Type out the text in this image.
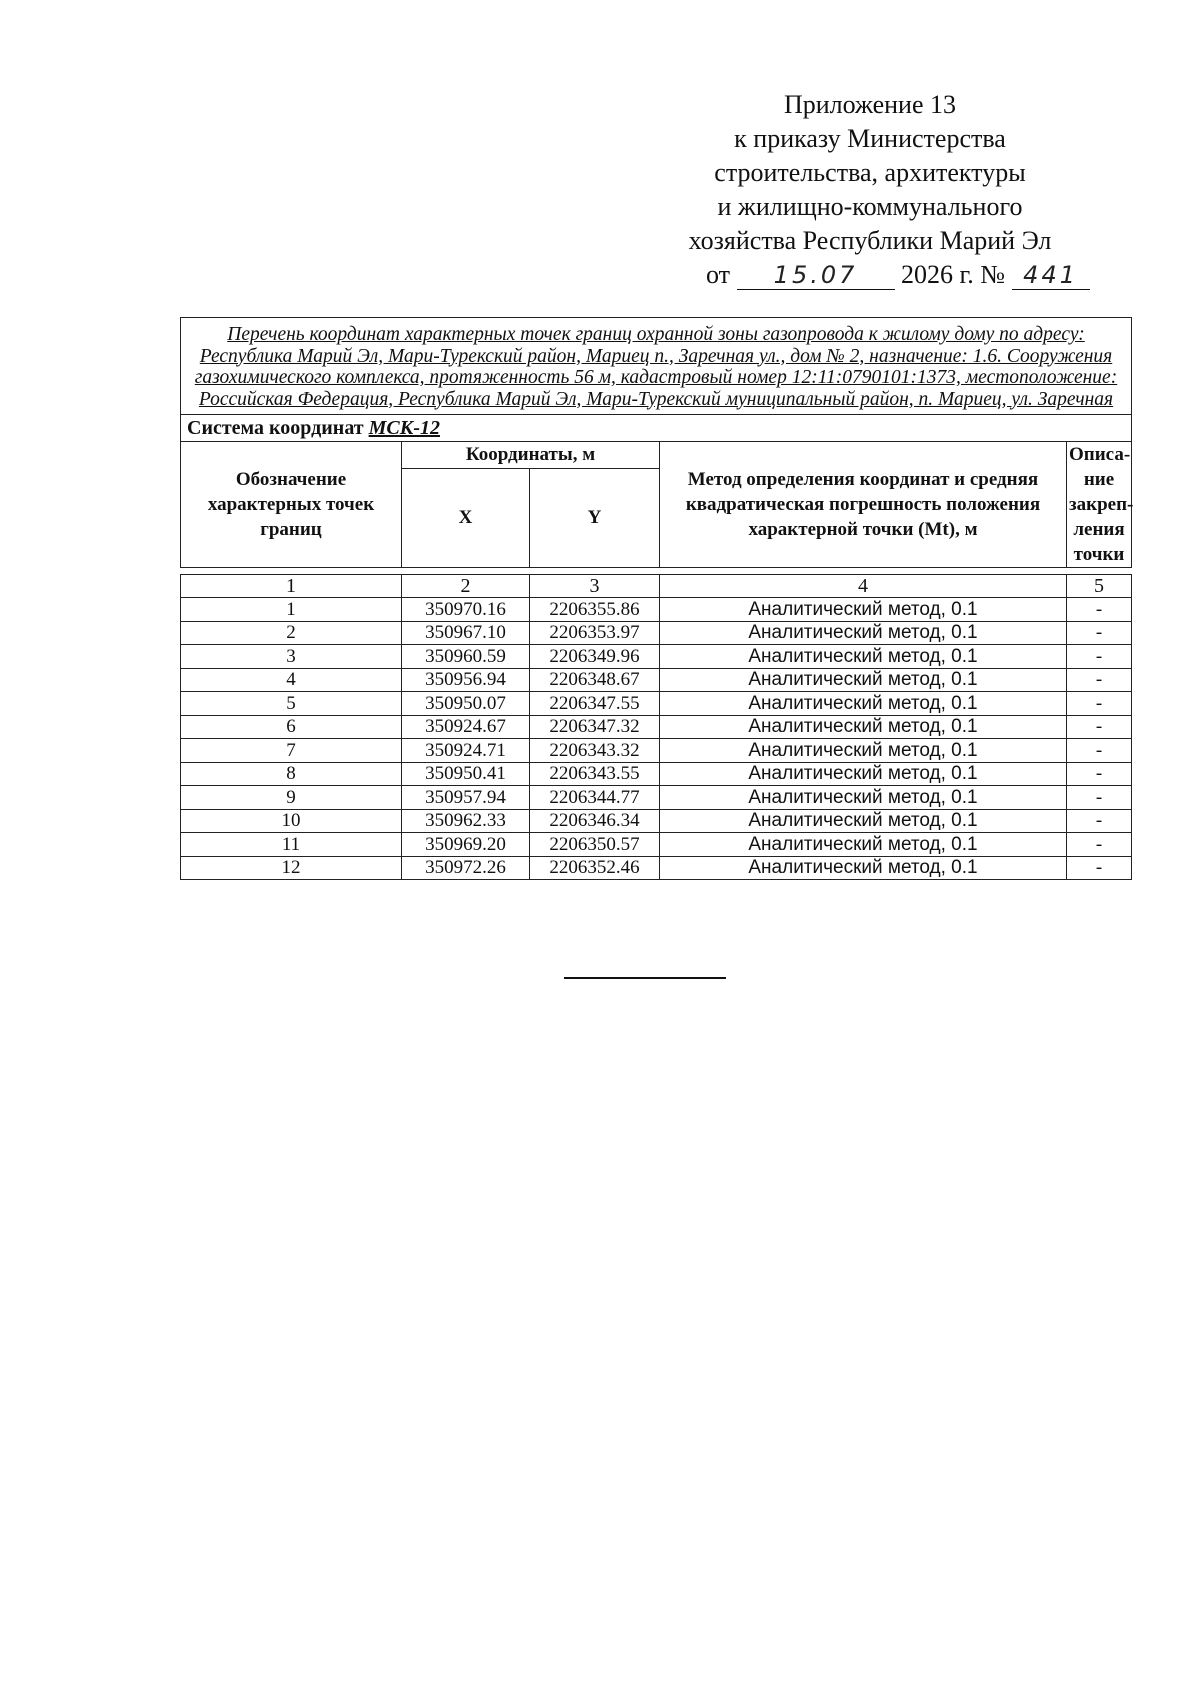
Приложение 13
к приказу Министерства
строительства, архитектуры
и жилищно-коммунального
хозяйства Республики Марий Эл
от 15.07 2026 г. № 441
Перечень координат характерных точек границ охранной зоны газопровода к жилому дому по адресу: Республика Марий Эл, Мари-Турекский район, Мариец п., Заречная ул., дом № 2, назначение: 1.6. Сооружения газохимического комплекса, протяженность 56 м, кадастровый номер 12:11:0790101:1373, местоположение: Российская Федерация, Республика Марий Эл, Мари-Турекский муниципальный район, п. Мариец, ул. Заречная				
Система координат МСК-12				
Обозначение характерных точек границ	Координаты, м		Метод определения координат и средняя квадратическая погрешность положения характерной точки (Mt), м	Описа-ние закреп-ления точки
	X	Y		

1	2	3	4	5
1	350970.16	2206355.86	Аналитический метод, 0.1	-
2	350967.10	2206353.97	Аналитический метод, 0.1	-
3	350960.59	2206349.96	Аналитический метод, 0.1	-
4	350956.94	2206348.67	Аналитический метод, 0.1	-
5	350950.07	2206347.55	Аналитический метод, 0.1	-
6	350924.67	2206347.32	Аналитический метод, 0.1	-
7	350924.71	2206343.32	Аналитический метод, 0.1	-
8	350950.41	2206343.55	Аналитический метод, 0.1	-
9	350957.94	2206344.77	Аналитический метод, 0.1	-
10	350962.33	2206346.34	Аналитический метод, 0.1	-
11	350969.20	2206350.57	Аналитический метод, 0.1	-
12	350972.26	2206352.46	Аналитический метод, 0.1	-
